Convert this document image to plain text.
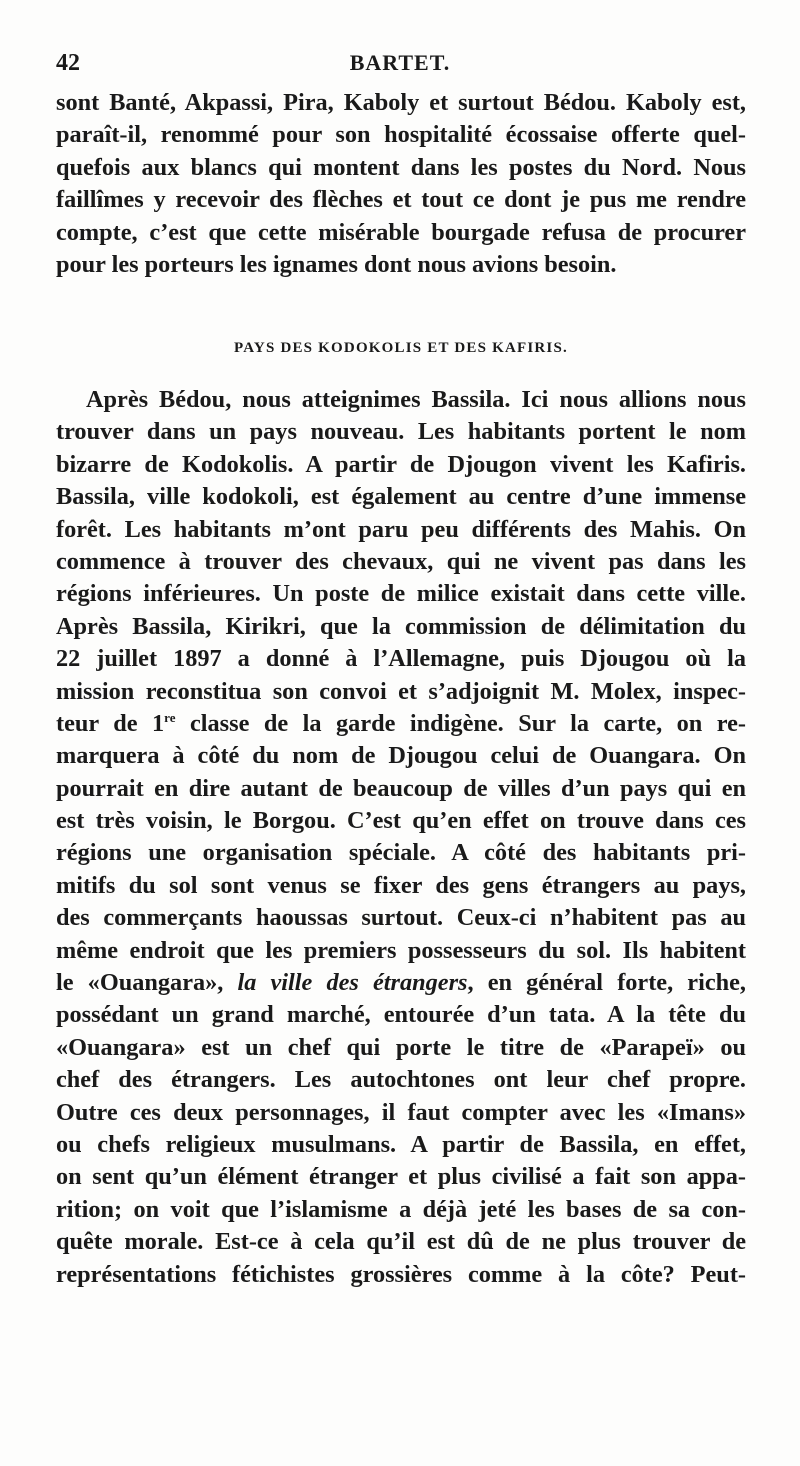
42	BARTET.
sont Banté, Akpassi, Pira, Kaboly et surtout Bédou. Kaboly est,
paraît-il, renommé pour son hospitalité écossaise offerte quel-
quefois aux blancs qui montent dans les postes du Nord. Nous
faillîmes y recevoir des flèches et tout ce dont je pus me rendre
compte, c’est que cette misérable bourgade refusa de procurer
pour les porteurs les ignames dont nous avions besoin.
PAYS DES KODOKOLIS ET DES KAFIRIS.
Après Bédou, nous atteignimes Bassila. Ici nous allions nous
trouver dans un pays nouveau. Les habitants portent le nom
bizarre de Kodokolis. A partir de Djougon vivent les Kafiris.
Bassila, ville kodokoli, est également au centre d’une immense
forêt. Les habitants m’ont paru peu différents des Mahis. On
commence à trouver des chevaux, qui ne vivent pas dans les
régions inférieures. Un poste de milice existait dans cette ville.
Après Bassila, Kirikri, que la commission de délimitation du
22 juillet 1897 a donné à l’Allemagne, puis Djougou où la
mission reconstitua son convoi et s’adjoignit M. Molex, inspec-
teur de 1re classe de la garde indigène. Sur la carte, on re-
marquera à côté du nom de Djougou celui de Ouangara. On
pourrait en dire autant de beaucoup de villes d’un pays qui en
est très voisin, le Borgou. C’est qu’en effet on trouve dans ces
régions une organisation spéciale. A côté des habitants pri-
mitifs du sol sont venus se fixer des gens étrangers au pays,
des commerçants haoussas surtout. Ceux-ci n’habitent pas au
même endroit que les premiers possesseurs du sol. Ils habitent
le «Ouangara», la ville des étrangers, en général forte, riche,
possédant un grand marché, entourée d’un tata. A la tête du
«Ouangara» est un chef qui porte le titre de «Parapeï» ou
chef des étrangers. Les autochtones ont leur chef propre.
Outre ces deux personnages, il faut compter avec les «Imans»
ou chefs religieux musulmans. A partir de Bassila, en effet,
on sent qu’un élément étranger et plus civilisé a fait son appa-
rition; on voit que l’islamisme a déjà jeté les bases de sa con-
quête morale. Est-ce à cela qu’il est dû de ne plus trouver de
représentations fétichistes grossières comme à la côte? Peut-
